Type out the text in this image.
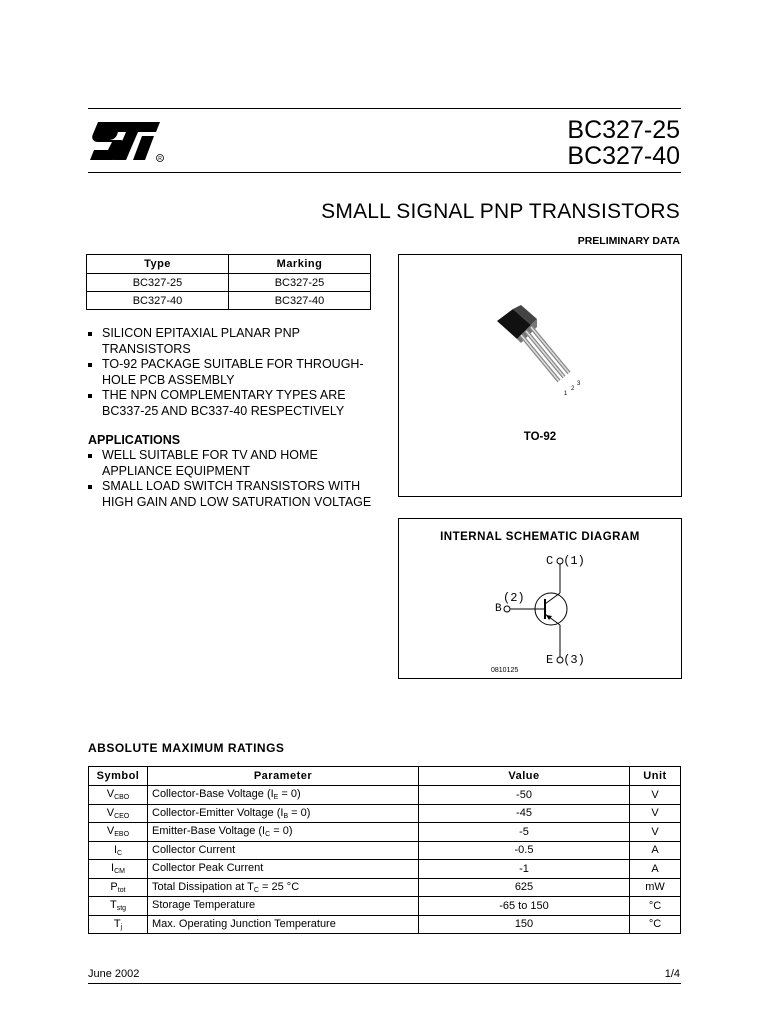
R
BC327-25
BC327-40
SMALL SIGNAL PNP TRANSISTORS
PRELIMINARY DATA
Type	Marking
BC327-25	BC327-25
BC327-40	BC327-40
SILICON EPITAXIAL PLANAR PNP TRANSISTORS
TO-92 PACKAGE SUITABLE FOR THROUGH-HOLE PCB ASSEMBLY
THE NPN COMPLEMENTARY TYPES ARE BC337-25 AND BC337-40 RESPECTIVELY
APPLICATIONS
WELL SUITABLE FOR TV AND HOME APPLIANCE EQUIPMENT
SMALL LOAD SWITCH TRANSISTORS WITH HIGH GAIN AND LOW SATURATION VOLTAGE
1
2
3
TO-92
INTERNAL SCHEMATIC DIAGRAM
C (1)
(2)
B
E (3)
0810125
ABSOLUTE MAXIMUM RATINGS
Symbol	Parameter	Value	Unit
$V_{CBO}$	Collector-Base Voltage $(I_E = 0)$	-50	V
$V_{CEO}$	Collector-Emitter Voltage $(I_B = 0)$	-45	V
$V_{EBO}$	Emitter-Base Voltage $(I_C = 0)$	-5	V
$I_C$	Collector Current	-0.5	A
$I_{CM}$	Collector Peak Current	-1	A
$P_{tot}$	Total Dissipation at $T_C = 25$ °C	625	mW
$T_{stg}$	Storage Temperature	-65 to 150	°C
$T_j$	Max. Operating Junction Temperature	150	°C
June 2002	1/4
